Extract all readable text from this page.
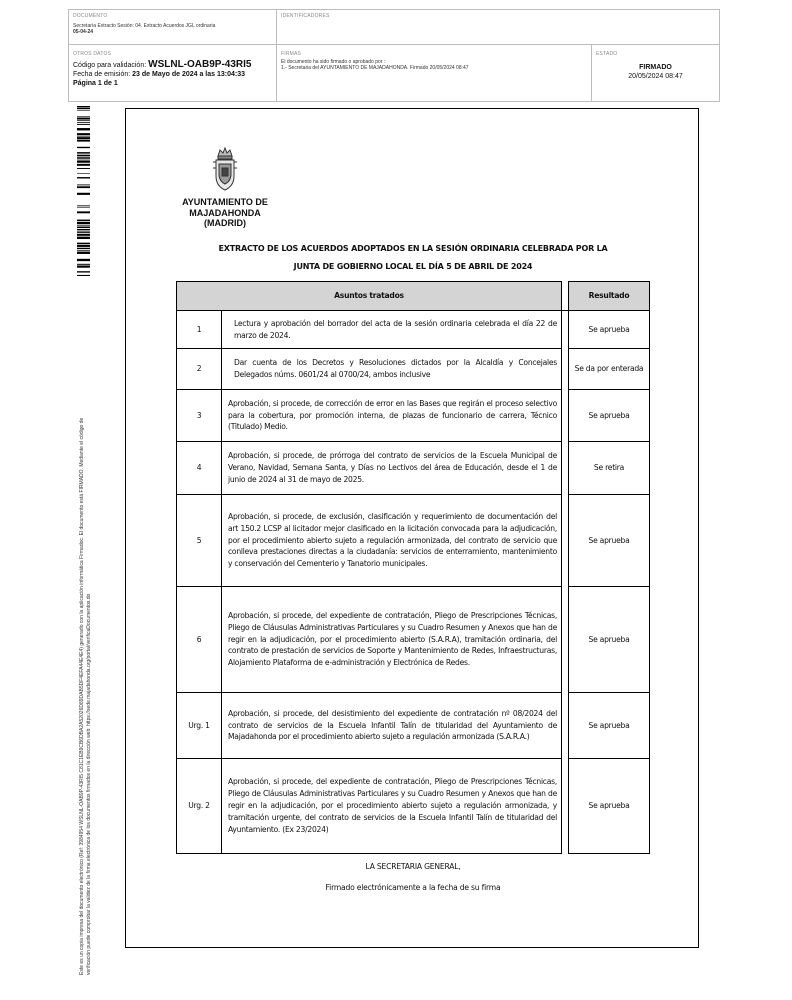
DOCUMENTO
Secretaría Extracto Sesión: 04. Extracto Acuerdos JGL ordinaria
05-04-24
IDENTIFICADORES
OTROS DATOS
Código para validación: WSLNL-OAB9P-43RI5
Fecha de emisión: 23 de Mayo de 2024 a las 13:04:33
Página 1 de 1
FIRMAS
El documento ha sido firmado o aprobado por :
1.- Secretaria del AYUNTAMIENTO DE MAJADAHONDA. Firmado 20/05/2024 08:47
ESTADO
FIRMADO
20/05/2024 08:47
Este es un copia impresa del documento electrónico (Ref: 3984954 WSLNL-OAB9P-43RI5 C81C1EB9CB6DBA2A52026D89DAB5DF4EFA44E4E4) generado con la aplicación informática Firmadoc. El documento está FIRMADO. Mediante el código de verificación puede comprobar la validez de la firma electrónica de los documentos firmados en la dirección web: https://sede.majadahonda.org/portal/verificaDocumentos.do
AYUNTAMIENTO DE
MAJADAHONDA
(MADRID)
EXTRACTO DE LOS ACUERDOS ADOPTADOS EN LA SESIÓN ORDINARIA CELEBRADA POR LA
JUNTA DE GOBIERNO LOCAL EL DÍA 5 DE ABRIL DE 2024
Asuntos tratados			Resultado
1	Lectura y aprobación del borrador del acta de la sesión ordinaria celebrada el día 22 de marzo de 2024.		Se aprueba
2	Dar cuenta de los Decretos y Resoluciones dictados por la Alcaldía y Concejales Delegados núms. 0601/24 al 0700/24, ambos inclusive		Se da por enterada
3	Aprobación, si procede, de corrección de error en las Bases que regirán el proceso selectivo para la cobertura, por promoción interna, de plazas de funcionario de carrera, Técnico (Titulado) Medio.		Se aprueba
4	Aprobación, si procede, de prórroga del contrato de servicios de la Escuela Municipal de Verano, Navidad, Semana Santa, y Días no Lectivos del área de Educación, desde el 1 de junio de 2024 al 31 de mayo de 2025.		Se retira
5	Aprobación, si procede, de exclusión, clasificación y requerimiento de documentación del art 150.2 LCSP al licitador mejor clasificado en la licitación convocada para la adjudicación, por el procedimiento abierto sujeto a regulación armonizada, del contrato de servicio que conlleva prestaciones directas a la ciudadanía: servicios de enterramiento, mantenimiento y conservación del Cementerio y Tanatorio municipales.		Se aprueba
6	Aprobación, si procede, del expediente de contratación, Pliego de Prescripciones Técnicas, Pliego de Cláusulas Administrativas Particulares y su Cuadro Resumen y Anexos que han de regir en la adjudicación, por el procedimiento abierto (S.A.R.A), tramitación ordinaria, del contrato de prestación de servicios de Soporte y Mantenimiento de Redes, Infraestructuras, Alojamiento Plataforma de e-administración y Electrónica de Redes.		Se aprueba
Urg. 1	Aprobación, si procede, del desistimiento del expediente de contratación nº 08/2024 del contrato de servicios de la Escuela Infantil Talín de titularidad del Ayuntamiento de Majadahonda por el procedimiento abierto sujeto a regulación armonizada (S.A.R.A.)		Se aprueba
Urg. 2	Aprobación, si procede, del expediente de contratación, Pliego de Prescripciones Técnicas, Pliego de Cláusulas Administrativas Particulares y su Cuadro Resumen y Anexos que han de regir en la adjudicación, por el procedimiento abierto sujeto a regulación armonizada, y tramitación urgente, del contrato de servicios de la Escuela Infantil Talín de titularidad del Ayuntamiento. (Ex 23/2024)		Se aprueba
LA SECRETARIA GENERAL,
Firmado electrónicamente a la fecha de su firma
